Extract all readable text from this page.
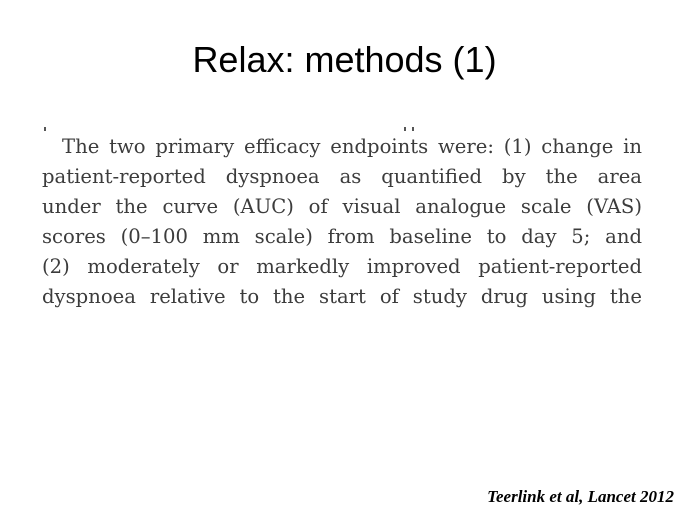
Relax: methods (1)
The two primary efficacy endpoints were: (1) change in
patient-reported dyspnoea as quantified by the area
under the curve (AUC) of visual analogue scale (VAS)
scores (0–100 mm scale) from baseline to day 5; and
(2) moderately or markedly improved patient-reported
dyspnoea relative to the start of study drug using the
Teerlink et al, Lancet 2012
